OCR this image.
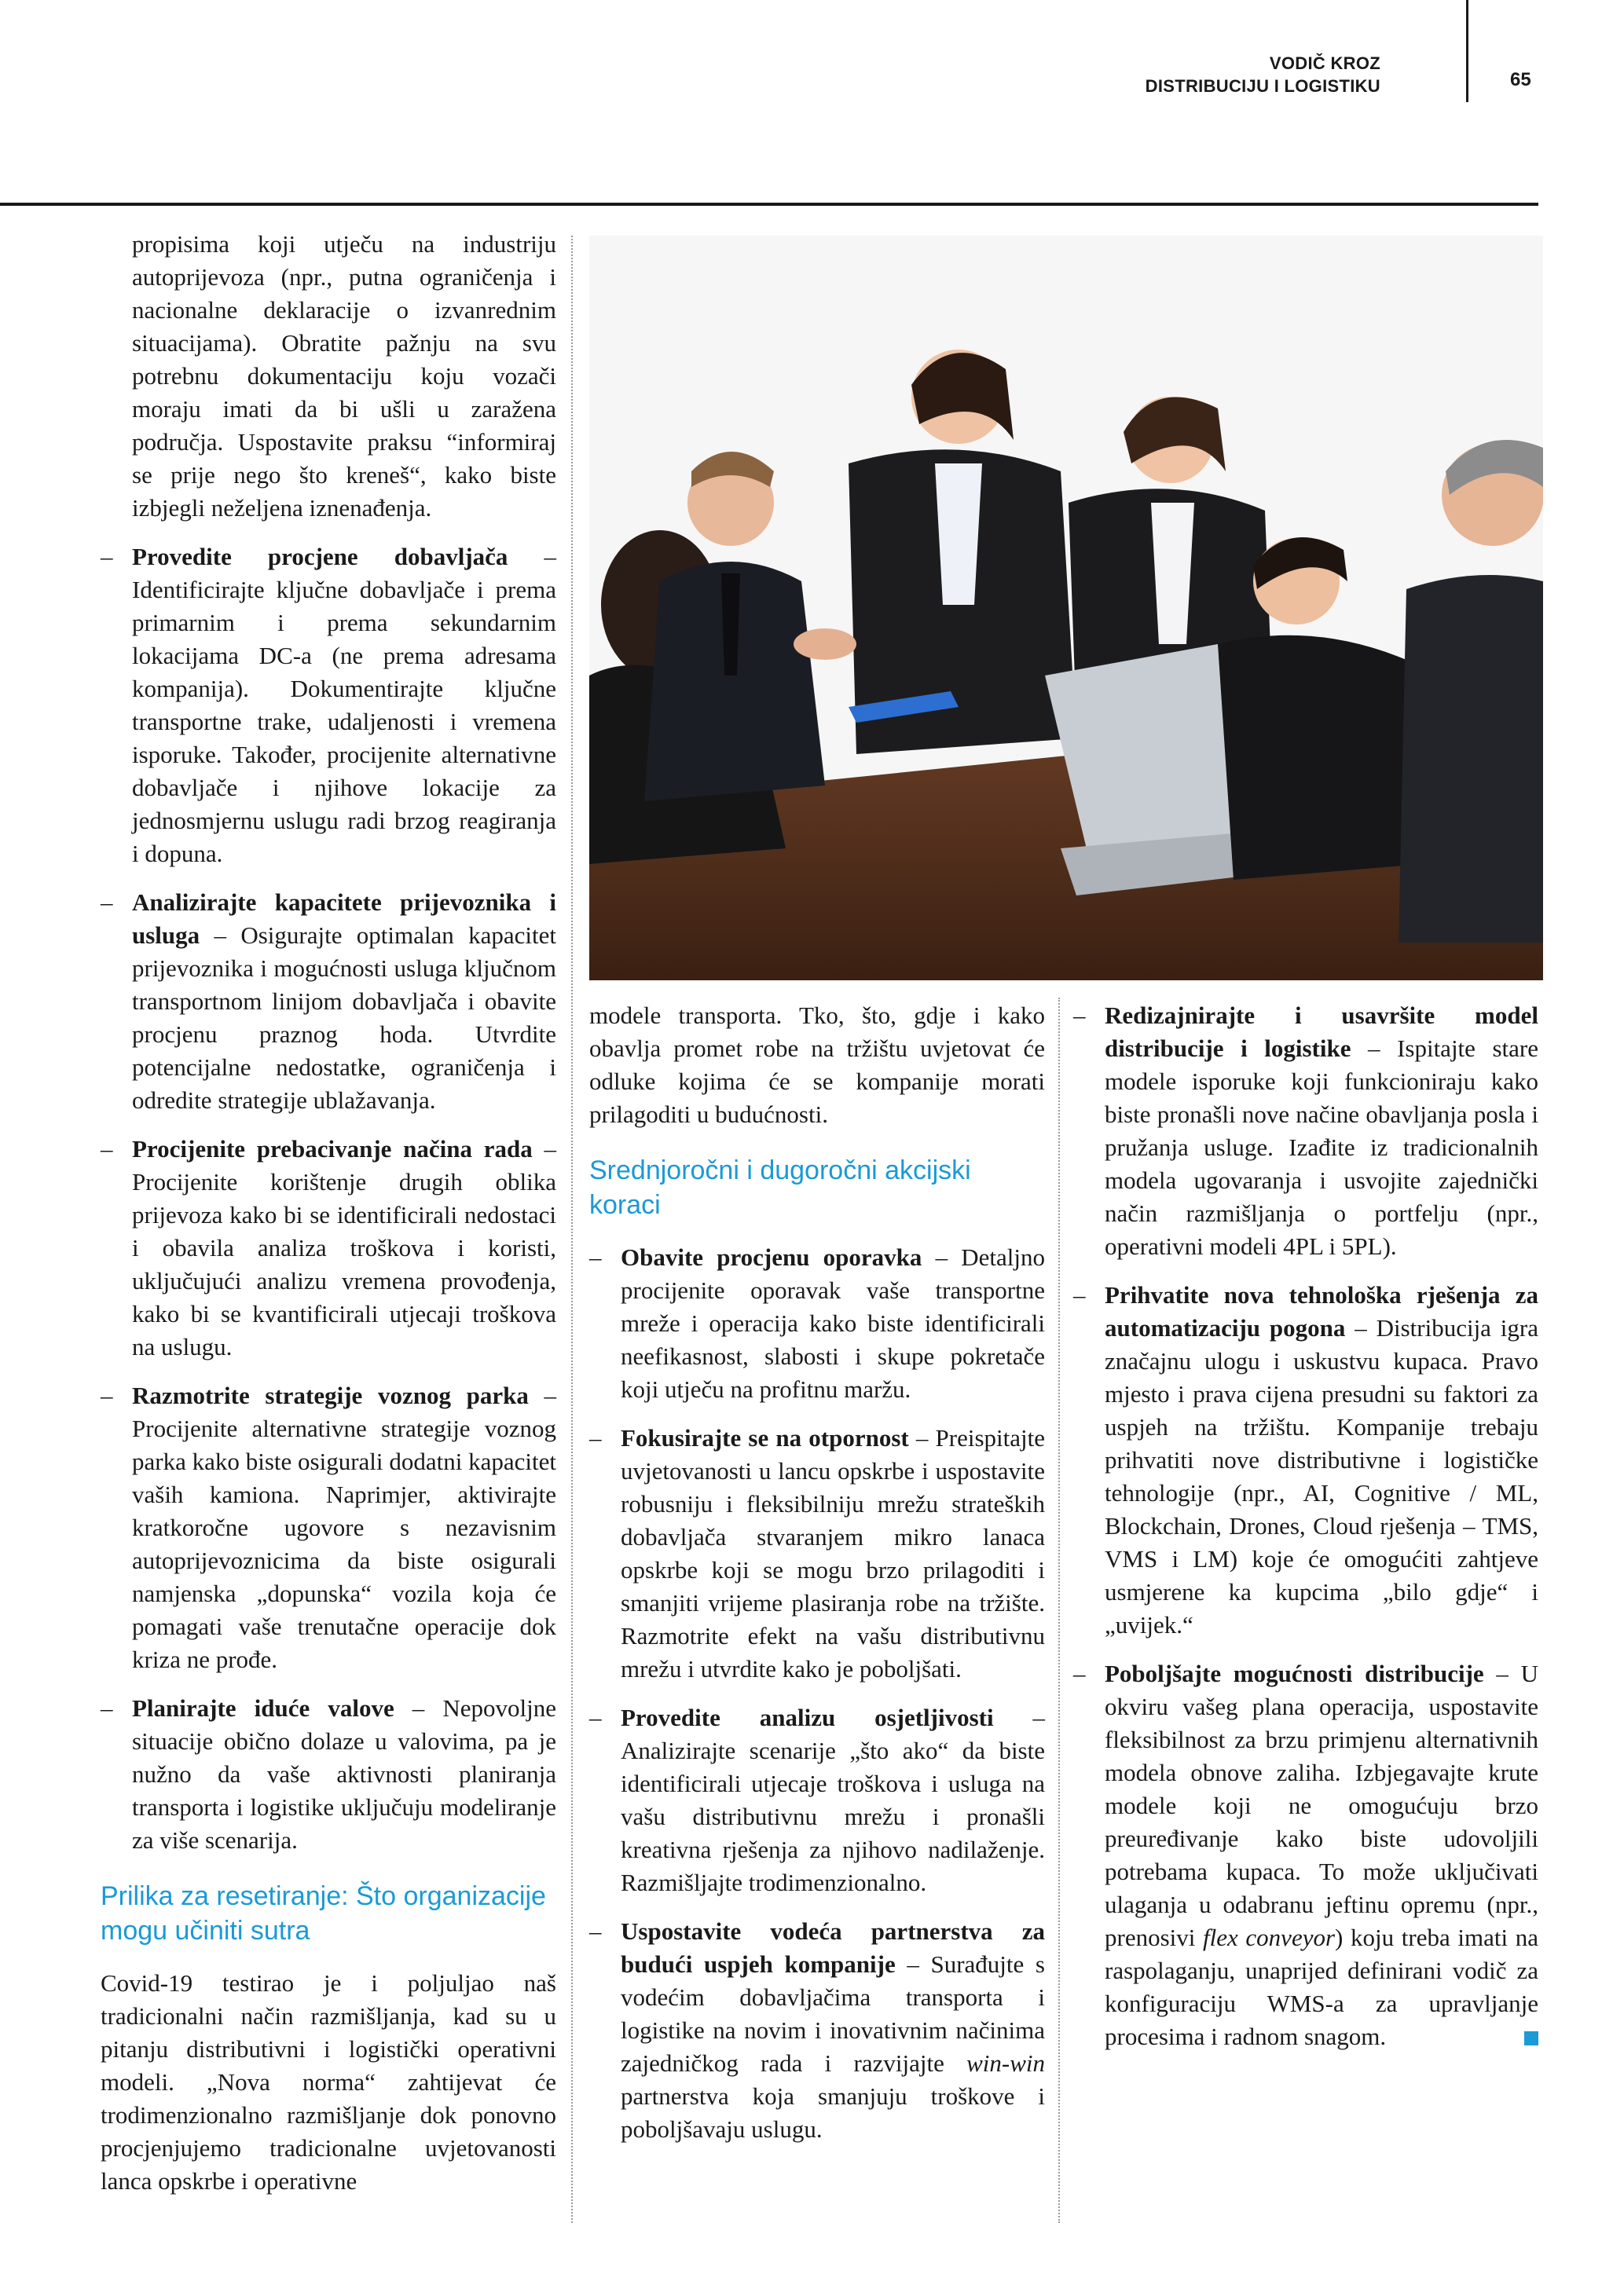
VODIČ KROZ
DISTRIBUCIJU I LOGISTIKU	65

propisima koji utječu na industriju autoprijevoza (npr., putna ograničenja i nacionalne deklaracije o izvanrednim situacijama). Obratite pažnju na svu potrebnu dokumentaciju koju vozači moraju imati da bi ušli u zaražena područja. Uspostavite praksu “informiraj se prije nego što kreneš“, kako biste izbjegli neželjena iznenađenja.

– Provedite procjene dobavljača – Identificirajte ključne dobavljače i prema primarnim i prema sekundarnim lokacijama DC-a (ne prema adresama kompanija). Dokumentirajte ključne transportne trake, udaljenosti i vremena isporuke. Također, procijenite alternativne dobavljače i njihove lokacije za jednosmjernu uslugu radi brzog reagiranja i dopuna.
– Analizirajte kapacitete prijevoznika i usluga – Osigurajte optimalan kapacitet prijevoznika i mogućnosti usluga ključnom transportnom linijom dobavljača i obavite procjenu praznog hoda. Utvrdite potencijalne nedostatke, ograničenja i odredite strategije ublažavanja.
– Procijenite prebacivanje načina rada – Procijenite korištenje drugih oblika prijevoza kako bi se identificirali nedostaci i obavila analiza troškova i koristi, uključujući analizu vremena provođenja, kako bi se kvantificirali utjecaji troškova na uslugu.
– Razmotrite strategije voznog parka – Procijenite alternativne strategije voznog parka kako biste osigurali dodatni kapacitet vaših kamiona. Naprimjer, aktivirajte kratkoročne ugovore s nezavisnim autoprijevoznicima da biste osigurali namjenska „dopunska“ vozila koja će pomagati vaše trenutačne operacije dok kriza ne prođe.
– Planirajte iduće valove – Nepovoljne situacije obično dolaze u valovima, pa je nužno da vaše aktivnosti planiranja transporta i logistike uključuju modeliranje za više scenarija.
Prilika za resetiranje: Što organizacije mogu učiniti sutra

Covid-19 testirao je i poljuljao naš tradicionalni način razmišljanja, kad su u pitanju distributivni i logistički operativni modeli. „Nova norma“ zahtijevat će trodimenzionalno razmišljanje dok ponovno procjenjujemo tradicionalne uvjetovanosti lanca opskrbe i operativne

modele transporta. Tko, što, gdje i kako obavlja promet robe na tržištu uvjetovat će odluke kojima će se kompanije morati prilagoditi u budućnosti.

Srednjoročni i dugoročni akcijski koraci
– Obavite procjenu oporavka – Detaljno procijenite oporavak vaše transportne mreže i operacija kako biste identificirali neefikasnost, slabosti i skupe pokretače koji utječu na profitnu maržu.
– Fokusirajte se na otpornost – Preispitajte uvjetovanosti u lancu opskrbe i uspostavite robusniju i fleksibilniju mrežu strateških dobavljača stvaranjem mikro lanaca opskrbe koji se mogu brzo prilagoditi i smanjiti vrijeme plasiranja robe na tržište. Razmotrite efekt na vašu distributivnu mrežu i utvrdite kako je poboljšati.
– Provedite analizu osjetljivosti – Analizirajte scenarije „što ako“ da biste identificirali utjecaje troškova i usluga na vašu distributivnu mrežu i pronašli kreativna rješenja za njihovo nadilaženje. Razmišljajte trodimenzionalno.
– Uspostavite vodeća partnerstva za budući uspjeh kompanije – Surađujte s vodećim dobavljačima transporta i logistike na novim i inovativnim načinima zajedničkog rada i razvijajte win-win partnerstva koja smanjuju troškove i poboljšavaju uslugu.
– Redizajnirajte i usavršite model distribucije i logistike – Ispitajte stare modele isporuke koji funkcioniraju kako biste pronašli nove načine obavljanja posla i pružanja usluge. Izađite iz tradicionalnih modela ugovaranja i usvojite zajednički način razmišljanja o portfelju (npr., operativni modeli 4PL i 5PL).
– Prihvatite nova tehnološka rješenja za automatizaciju pogona – Distribucija igra značajnu ulogu i uskustvu kupaca. Pravo mjesto i prava cijena presudni su faktori za uspjeh na tržištu. Kompanije trebaju prihvatiti nove distributivne i logističke tehnologije (npr., AI, Cognitive / ML, Blockchain, Drones, Cloud rješenja – TMS, VMS i LM) koje će omogućiti zahtjeve usmjerene ka kupcima „bilo gdje“ i „uvijek.“
– Poboljšajte mogućnosti distribucije – U okviru vašeg plana operacija, uspostavite fleksibilnost za brzu primjenu alternativnih modela obnove zaliha. Izbjegavajte krute modele koji ne omogućuju brzo preuređivanje kako biste udovoljili potrebama kupaca. To može uključivati ulaganja u odabranu jeftinu opremu (npr., prenosivi flex conveyor) koju treba imati na raspolaganju, unaprijed definirani vodič za konfiguraciju WMS-a za upravljanje procesima i radnom snagom.
